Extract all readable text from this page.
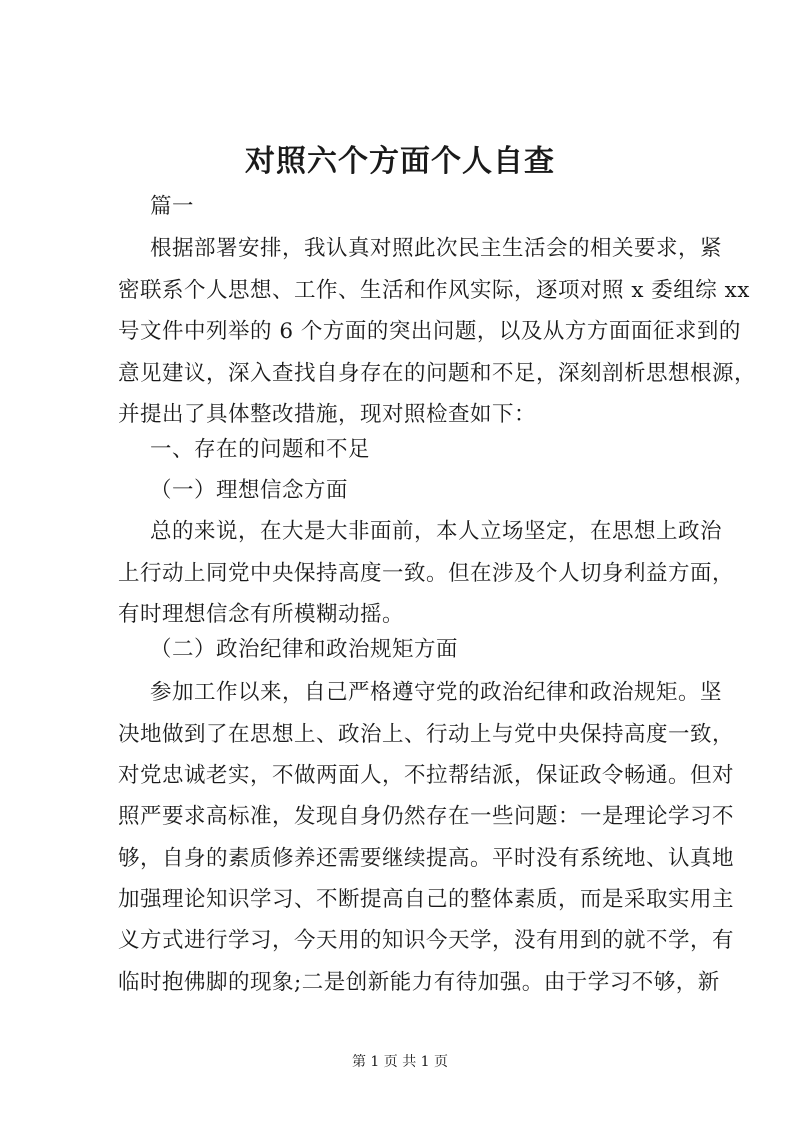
对照六个方面个人自查
篇一
根据部署安排，我认真对照此次民主生活会的相关要求，紧
密联系个人思想、工作、生活和作风实际，逐项对照 x 委组综 xx
号文件中列举的 6 个方面的突出问题，以及从方方面面征求到的
意见建议，深入查找自身存在的问题和不足，深刻剖析思想根源，
并提出了具体整改措施，现对照检查如下：
一、存在的问题和不足
（一）理想信念方面
总的来说，在大是大非面前，本人立场坚定，在思想上政治
上行动上同党中央保持高度一致。但在涉及个人切身利益方面，
有时理想信念有所模糊动摇。
（二）政治纪律和政治规矩方面
参加工作以来，自己严格遵守党的政治纪律和政治规矩。坚
决地做到了在思想上、政治上、行动上与党中央保持高度一致，
对党忠诚老实，不做两面人，不拉帮结派，保证政令畅通。但对
照严要求高标准，发现自身仍然存在一些问题：一是理论学习不
够，自身的素质修养还需要继续提高。平时没有系统地、认真地
加强理论知识学习、不断提高自己的整体素质，而是采取实用主
义方式进行学习，今天用的知识今天学，没有用到的就不学，有
临时抱佛脚的现象;二是创新能力有待加强。由于学习不够，新
第 1 页 共 1 页
